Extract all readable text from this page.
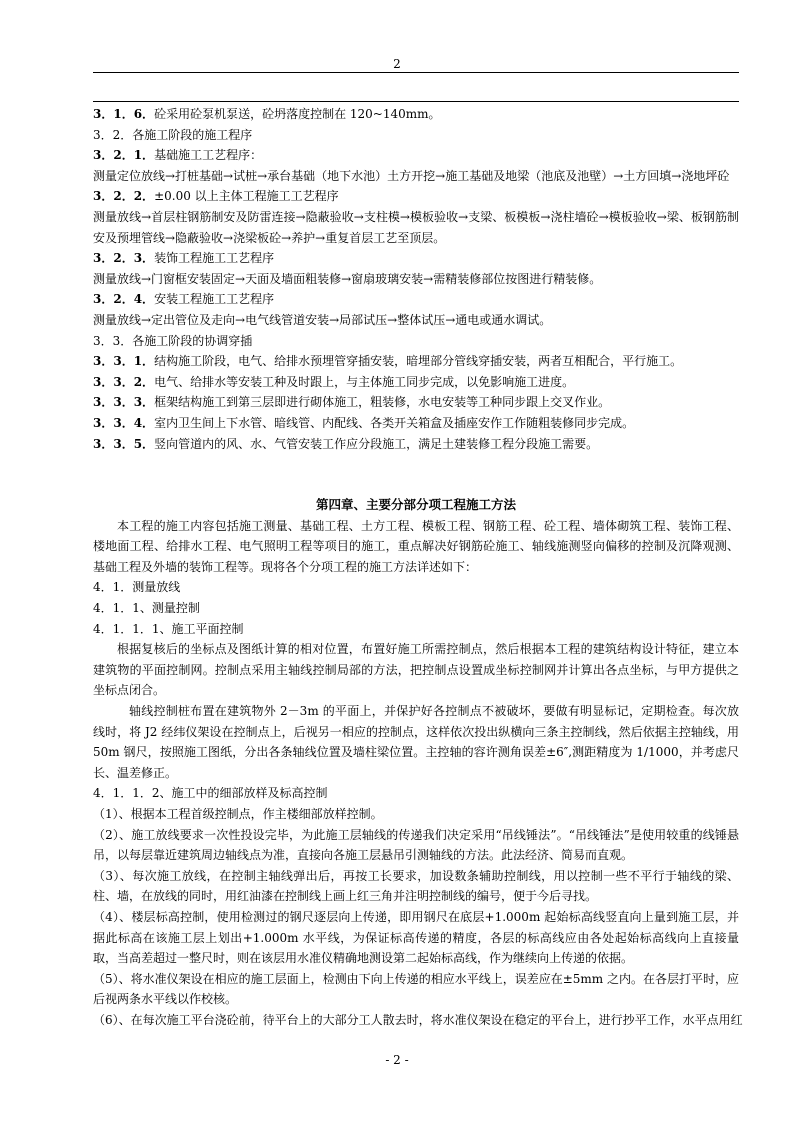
2
3．1．6．砼采用砼泵机泵送，砼坍落度控制在 120~140mm。
3．2．各施工阶段的施工程序
3．2．1．基础施工工艺程序：
测量定位放线→打桩基础→试桩→承台基础（地下水池）土方开挖→施工基础及地梁（池底及池壁）→土方回填→浇地坪砼
3．2．2．±0.00 以上主体工程施工工艺程序

测量放线→首层柱钢筋制安及防雷连接→隐蔽验收→支柱模→模板验收→支梁、板模板→浇柱墙砼→模板验收→梁、板钢筋制安及预埋管线→隐蔽验收→浇梁板砼→养护→重复首层工艺至顶层。

3．2．3．装饰工程施工工艺程序
测量放线→门窗框安装固定→天面及墙面粗装修→窗扇玻璃安装→需精装修部位按图进行精装修。
3．2．4．安装工程施工工艺程序
测量放线→定出管位及走向→电气线管道安装→局部试压→整体试压→通电或通水调试。
3．3．各施工阶段的协调穿插
3．3．1．结构施工阶段，电气、给排水预埋管穿插安装，暗埋部分管线穿插安装，两者互相配合，平行施工。
3．3．2．电气、给排水等安装工种及时跟上，与主体施工同步完成，以免影响施工进度。
3．3．3．框架结构施工到第三层即进行砌体施工，粗装修，水电安装等工种同步跟上交叉作业。
3．3．4．室内卫生间上下水管、暗线管、内配线、各类开关箱盒及插座安作工作随粗装修同步完成。
3．3．5．竖向管道内的风、水、气管安装工作应分段施工，满足土建装修工程分段施工需要。
第四章、主要分部分项工程施工方法

本工程的施工内容包括施工测量、基础工程、土方工程、模板工程、钢筋工程、砼工程、墙体砌筑工程、装饰工程、楼地面工程、给排水工程、电气照明工程等项目的施工，重点解决好钢筋砼施工、轴线施测竖向偏移的控制及沉降观测、基础工程及外墙的装饰工程等。现将各个分项工程的施工方法详述如下：

4．1．测量放线
4．1．1、测量控制
4．1．1．1、施工平面控制

根据复核后的坐标点及图纸计算的相对位置，布置好施工所需控制点，然后根据本工程的建筑结构设计特征，建立本建筑物的平面控制网。控制点采用主轴线控制局部的方法，把控制点设置成坐标控制网并计算出各点坐标，与甲方提供之坐标点闭合。

轴线控制桩布置在建筑物外 2－3m 的平面上，并保护好各控制点不被破坏，要做有明显标记，定期检查。每次放线时，将 J2 经纬仪架设在控制点上，后视另一相应的控制点，这样依次投出纵横向三条主控制线，然后依据主控轴线，用 50m 钢尺，按照施工图纸，分出各条轴线位置及墙柱梁位置。主控轴的容许测角误差±6″,测距精度为 1/1000，并考虑尺长、温差修正。

4．1．1．2、施工中的细部放样及标高控制
（1）、根据本工程首级控制点，作主楼细部放样控制。

（2）、施工放线要求一次性投设完毕，为此施工层轴线的传递我们决定采用“吊线锤法”。“吊线锤法”是使用较重的线锤悬吊，以每层靠近建筑周边轴线点为准，直接向各施工层悬吊引测轴线的方法。此法经济、简易而直观。

（3）、每次施工放线，在控制主轴线弹出后，再按工长要求，加设数条辅助控制线，用以控制一些不平行于轴线的梁、柱、墙，在放线的同时，用红油漆在控制线上画上红三角并注明控制线的编号，便于今后寻找。

（4）、楼层标高控制，使用检测过的钢尺逐层向上传递，即用钢尺在底层+1.000m 起始标高线竖直向上量到施工层，并据此标高在该施工层上划出+1.000m 水平线，为保证标高传递的精度，各层的标高线应由各处起始标高线向上直接量取，当高差超过一整尺时，则在该层用水准仪精确地测设第二起始标高线，作为继续向上传递的依据。

（5）、将水准仪架设在相应的施工层面上，检测由下向上传递的相应水平线上，误差应在±5mm 之内。在各层打平时，应后视两条水平线以作校核。

（6）、在每次施工平台浇砼前，待平台上的大部分工人散去时，将水准仪架设在稳定的平台上，进行抄平工作，水平点用红
- 2 -
